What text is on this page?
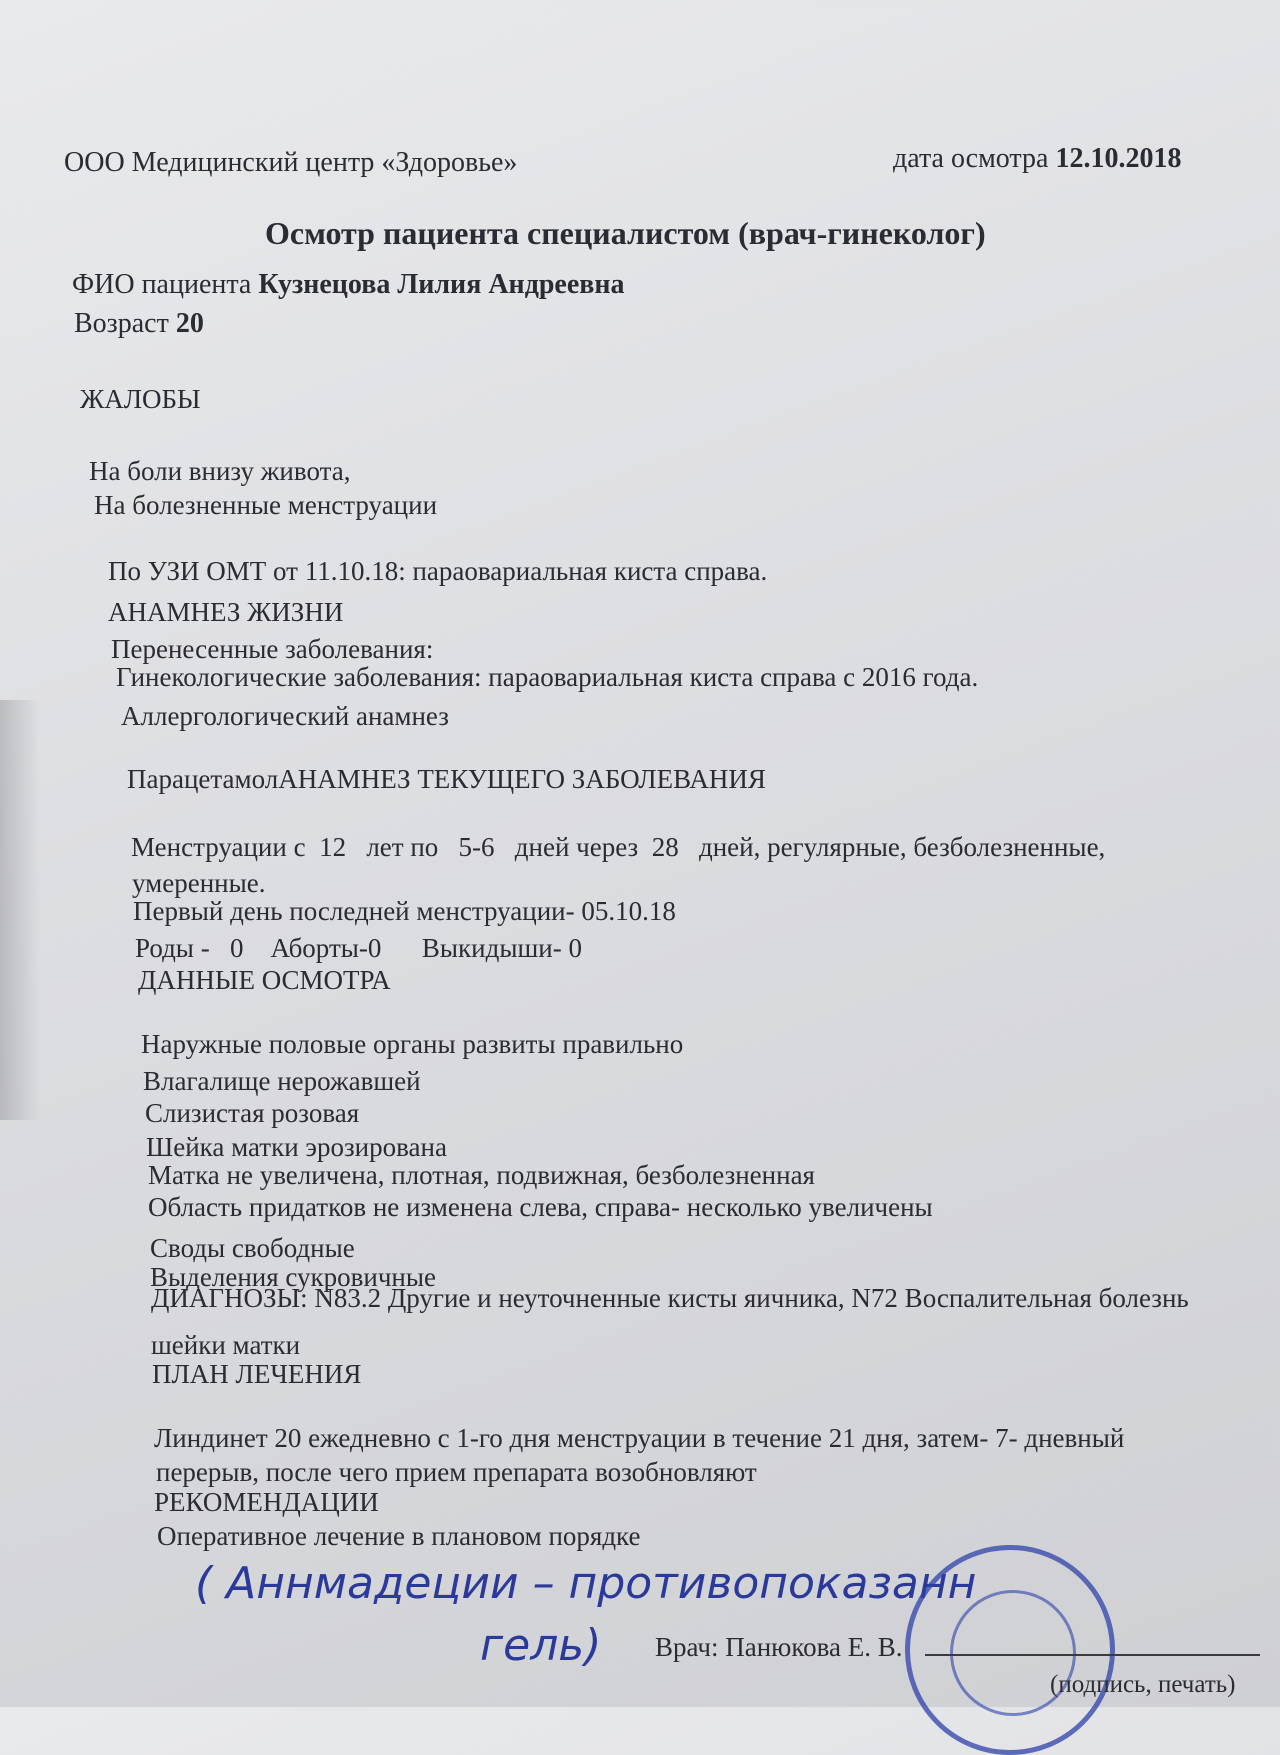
ООО Медицинский центр «Здоровье»	дата осмотра 12.10.2018
Осмотр пациента специалистом (врач-гинеколог)
ФИО пациента Кузнецова Лилия Андреевна
Возраст 20
ЖАЛОБЫ
На боли внизу живота,
На болезненные менструации
По УЗИ ОМТ от 11.10.18: параовариальная киста справа.
АНАМНЕЗ ЖИЗНИ
Перенесенные заболевания:
Гинекологические заболевания: параовариальная киста справа с 2016 года.
Аллергологический анамнез
ПарацетамолАНАМНЕЗ ТЕКУЩЕГО ЗАБОЛЕВАНИЯ
Менструации с 12 лет по 5-6 дней через 28 дней, регулярные, безболезненные,
умеренные.
Первый день последней менструации- 05.10.18
Роды - 0 Аборты-0 Выкидыши- 0
ДАННЫЕ ОСМОТРА
Наружные половые органы развиты правильно
Влагалище нерожавшей
Слизистая розовая
Шейка матки эрозирована
Матка не увеличена, плотная, подвижная, безболезненная
Область придатков не изменена слева, справа- несколько увеличены
Своды свободные
Выделения сукровичные
ДИАГНОЗЫ: N83.2 Другие и неуточненные кисты яичника, N72 Воспалительная болезнь
шейки матки
ПЛАН ЛЕЧЕНИЯ
Линдинет 20 ежедневно с 1-го дня менструации в течение 21 дня, затем- 7- дневный
перерыв, после чего прием препарата возобновляют
РЕКОМЕНДАЦИИ
Оперативное лечение в плановом порядке
( Аннмадеции – противопоказанн
гель) Врач: Панюкова Е. В.
(подпись, печать)
